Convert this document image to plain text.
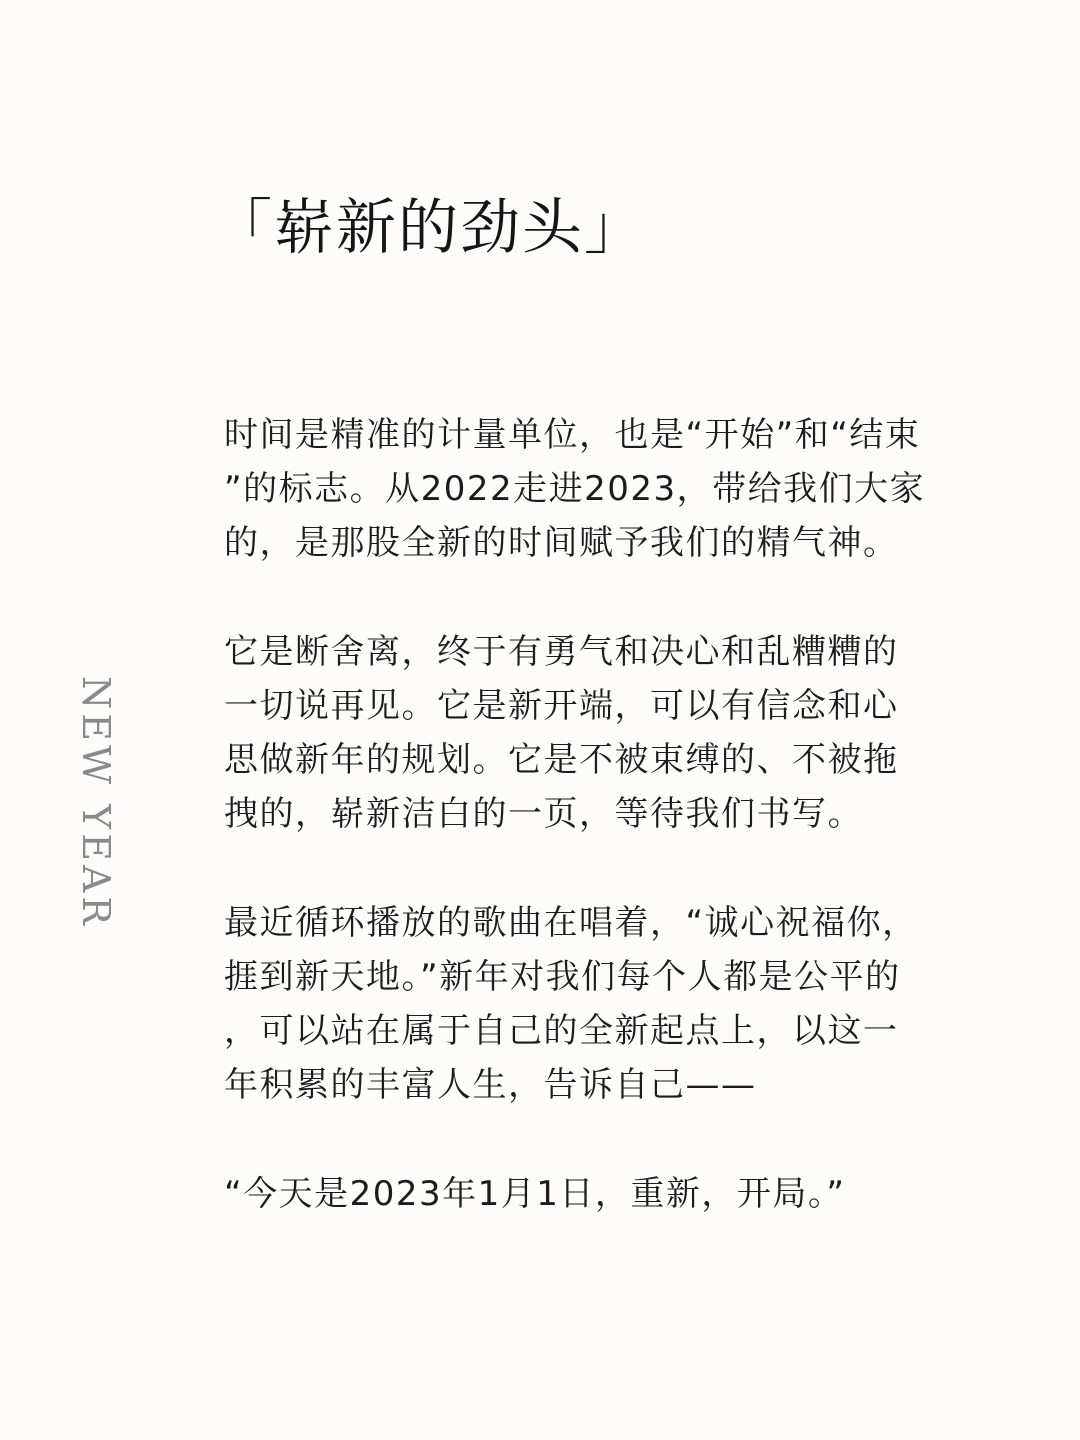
「崭新的劲头」
NEW YEAR
时间是精准的计量单位，也是“开始”和“结束
”的标志。从2022走进2023，带给我们大家
的，是那股全新的时间赋予我们的精气神。
它是断舍离，终于有勇气和决心和乱糟糟的
一切说再见。它是新开端，可以有信念和心
思做新年的规划。它是不被束缚的、不被拖
拽的，崭新洁白的一页，等待我们书写。
最近循环播放的歌曲在唱着，“诚心祝福你，
捱到新天地。”新年对我们每个人都是公平的
，可以站在属于自己的全新起点上，以这一
年积累的丰富人生，告诉自己——
“今天是2023年1月1日，重新，开局。”
